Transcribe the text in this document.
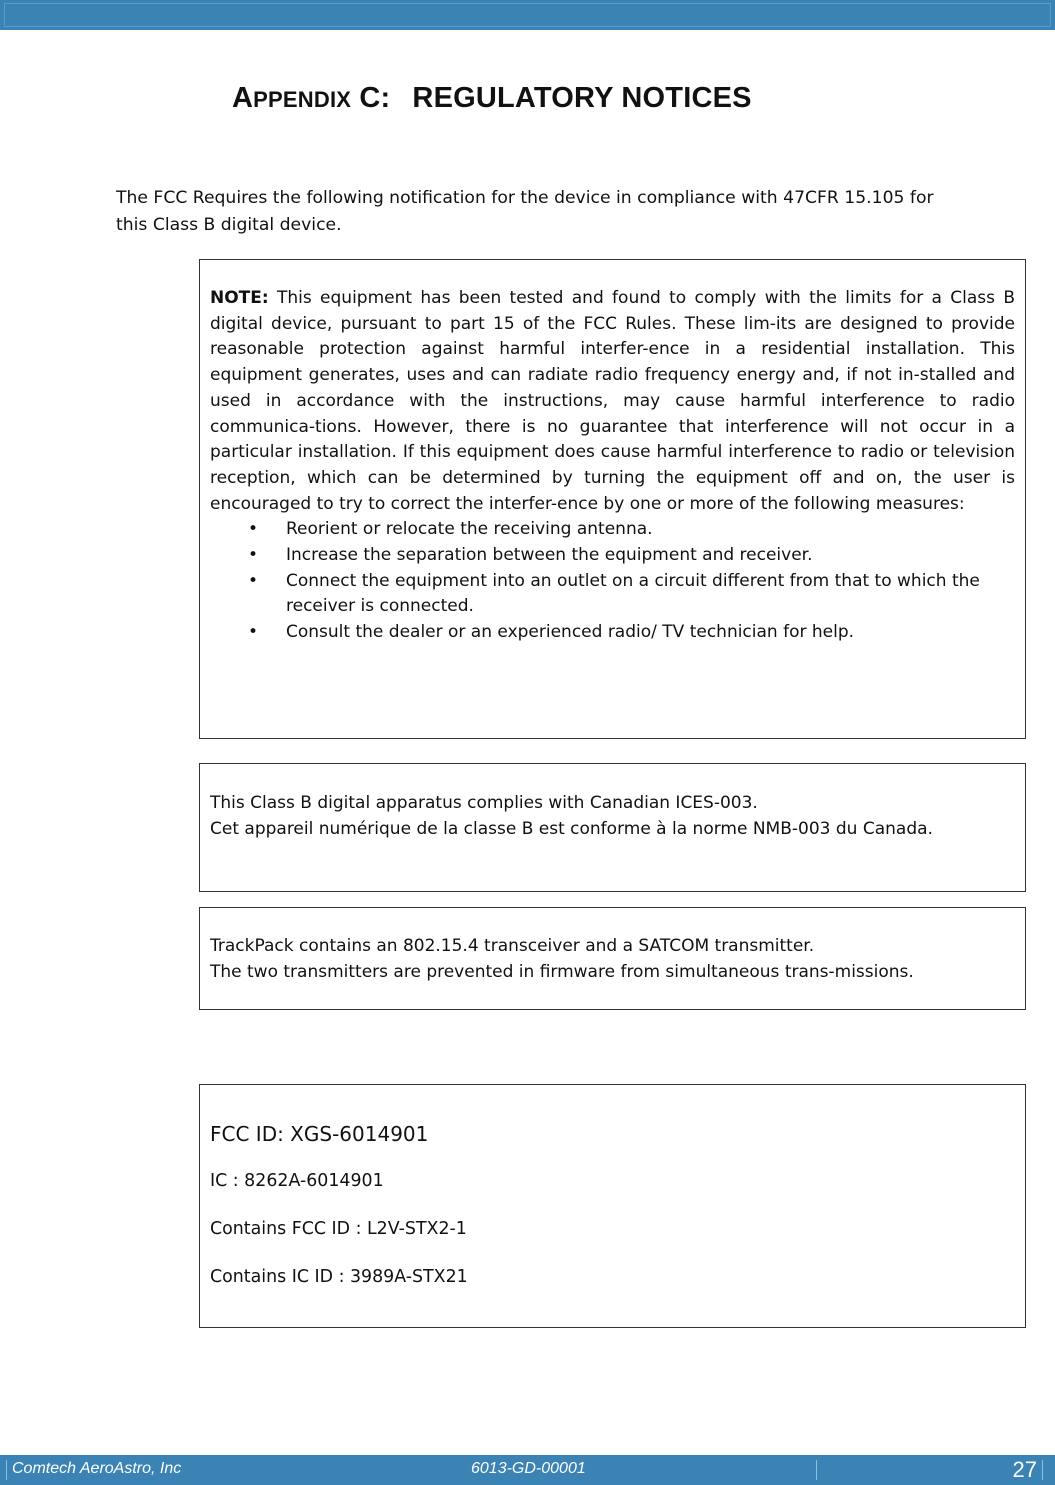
APPENDIX C: REGULATORY NOTICES

The FCC Requires the following notification for the device in compliance with 47CFR 15.105 for this Class B digital device.

NOTE: This equipment has been tested and found to comply with the limits for a Class B digital device, pursuant to part 15 of the FCC Rules. These lim-its are designed to provide reasonable protection against harmful interfer-ence in a residential installation. This equipment generates, uses and can radiate radio frequency energy and, if not in-stalled and used in accordance with the instructions, may cause harmful interference to radio communica-tions. However, there is no guarantee that interference will not occur in a particular installation. If this equipment does cause harmful interference to radio or television reception, which can be determined by turning the equipment off and on, the user is encouraged to try to correct the interfer-ence by one or more of the following measures:

• Reorient or relocate the receiving antenna.
• Increase the separation between the equipment and receiver.
• Connect the equipment into an outlet on a circuit different from that to which the receiver is connected.
• Consult the dealer or an experienced radio/ TV technician for help.

This Class B digital apparatus complies with Canadian ICES-003.

Cet appareil numérique de la classe B est conforme à la norme NMB-003 du Canada.

TrackPack contains an 802.15.4 transceiver and a SATCOM transmitter.

The two transmitters are prevented in firmware from simultaneous trans-missions.

FCC ID: XGS-6014901

IC : 8262A-6014901

Contains FCC ID : L2V-STX2-1

Contains IC ID : 3989A-STX21

Comtech AeroAstro, Inc	6013-GD-00001	27
